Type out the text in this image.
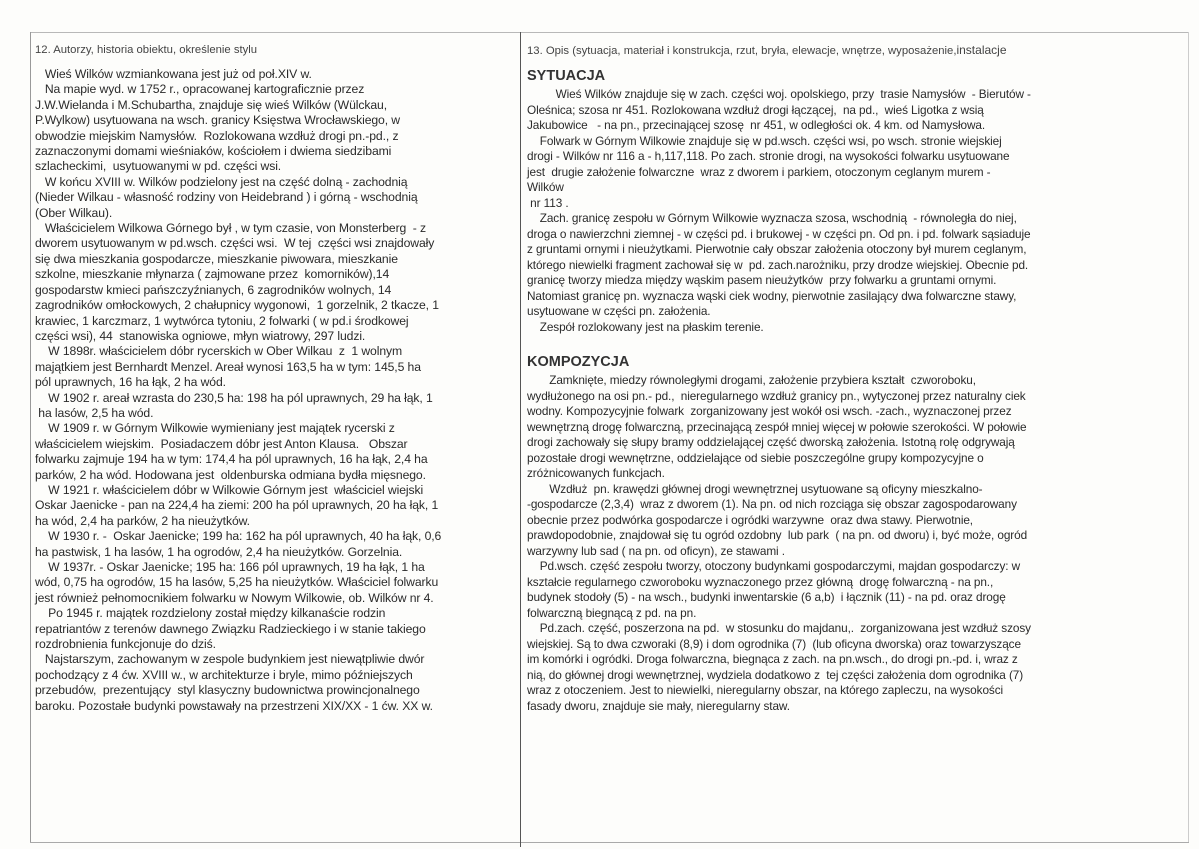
12. Autorzy, historia obiektu, określenie stylu
Wieś Wilków wzmiankowana jest już od poł.XIV w.
Na mapie wyd. w 1752 r., opracowanej kartograficznie przez
J.W.Wielanda i M.Schubartha, znajduje się wieś Wilków (Wülckau,
P.Wylkow) usytuowana na wsch. granicy Księstwa Wrocławskiego, w
obwodzie miejskim Namysłów.  Rozlokowana wzdłuż drogi pn.-pd., z
zaznaczonymi domami wieśniaków, kościołem i dwiema siedzibami
szlacheckimi,  usytuowanymi w pd. części wsi.
W końcu XVIII w. Wilków podzielony jest na część dolną - zachodnią
(Nieder Wilkau - własność rodziny von Heidebrand ) i górną - wschodnią
(Ober Wilkau).
Właścicielem Wilkowa Górnego był , w tym czasie, von Monsterberg  - z
dworem usytuowanym w pd.wsch. części wsi.  W tej  części wsi znajdowały
się dwa mieszkania gospodarcze, mieszkanie piwowara, mieszkanie
szkolne, mieszkanie młynarza ( zajmowane przez  komorników),14
gospodarstw kmieci pańszczyźnianych, 6 zagrodników wolnych, 14
zagrodników omłockowych, 2 chałupnicy wygonowi,  1 gorzelnik, 2 tkacze, 1
krawiec, 1 karczmarz, 1 wytwórca tytoniu, 2 folwarki ( w pd.i środkowej
części wsi), 44  stanowiska ogniowe, młyn wiatrowy, 297 ludzi.
W 1898r. właścicielem dóbr rycerskich w Ober Wilkau  z  1 wolnym
majątkiem jest Bernhardt Menzel. Areał wynosi 163,5 ha w tym: 145,5 ha
pól uprawnych, 16 ha łąk, 2 ha wód.
W 1902 r. areał wzrasta do 230,5 ha: 198 ha pól uprawnych, 29 ha łąk, 1
ha lasów, 2,5 ha wód.
W 1909 r. w Górnym Wilkowie wymieniany jest majątek rycerski z
właścicielem wiejskim.  Posiadaczem dóbr jest Anton Klausa.   Obszar
folwarku zajmuje 194 ha w tym: 174,4 ha pól uprawnych, 16 ha łąk, 2,4 ha
parków, 2 ha wód. Hodowana jest  oldenburska odmiana bydła mięsnego.
W 1921 r. właścicielem dóbr w Wilkowie Górnym jest  właściciel wiejski
Oskar Jaenicke - pan na 224,4 ha ziemi: 200 ha pól uprawnych, 20 ha łąk, 1
ha wód, 2,4 ha parków, 2 ha nieużytków.
W 1930 r. -  Oskar Jaenicke; 199 ha: 162 ha pól uprawnych, 40 ha łąk, 0,6
ha pastwisk, 1 ha lasów, 1 ha ogrodów, 2,4 ha nieużytków. Gorzelnia.
W 1937r. - Oskar Jaenicke; 195 ha: 166 pól uprawnych, 19 ha łąk, 1 ha
wód, 0,75 ha ogrodów, 15 ha lasów, 5,25 ha nieużytków. Właściciel folwarku
jest również pełnomocnikiem folwarku w Nowym Wilkowie, ob. Wilków nr 4.
Po 1945 r. majątek rozdzielony został między kilkanaście rodzin
repatriantów z terenów dawnego Związku Radzieckiego i w stanie takiego
rozdrobnienia funkcjonuje do dziś.
Najstarszym, zachowanym w zespole budynkiem jest niewątpliwie dwór
pochodzący z 4 ćw. XVIII w., w architekturze i bryle, mimo późniejszych
przebudów,  prezentujący  styl klasyczny budownictwa prowincjonalnego
baroku. Pozostałe budynki powstawały na przestrzeni XIX/XX - 1 ćw. XX w.
13. Opis (sytuacja, materiał i konstrukcja, rzut, bryła, elewacje, wnętrze, wyposażenie,instalacje
SYTUACJA
Wieś Wilków znajduje się w zach. części woj. opolskiego, przy  trasie Namysłów  - Bierutów -
Oleśnica; szosa nr 451. Rozlokowana wzdłuż drogi łączącej,  na pd.,  wieś Ligotka z wsią
Jakubowice   - na pn., przecinającej szosę  nr 451, w odległości ok. 4 km. od Namysłowa.
Folwark w Górnym Wilkowie znajduje się w pd.wsch. części wsi, po wsch. stronie wiejskiej
drogi - Wilków nr 116 a - h,117,118. Po zach. stronie drogi, na wysokości folwarku usytuowane
jest  drugie założenie folwarczne  wraz z dworem i parkiem, otoczonym ceglanym murem -
Wilków
nr 113 .
Zach. granicę zespołu w Górnym Wilkowie wyznacza szosa, wschodnią  - równoległa do niej,
droga o nawierzchni ziemnej - w części pd. i brukowej - w części pn. Od pn. i pd. folwark sąsiaduje
z gruntami ornymi i nieużytkami. Pierwotnie cały obszar założenia otoczony był murem ceglanym,
którego niewielki fragment zachował się w  pd. zach.narożniku, przy drodze wiejskiej. Obecnie pd.
granicę tworzy miedza między wąskim pasem nieużytków  przy folwarku a gruntami ornymi.
Natomiast granicę pn. wyznacza wąski ciek wodny, pierwotnie zasilający dwa folwarczne stawy,
usytuowane w części pn. założenia.
Zespół rozlokowany jest na płaskim terenie.
KOMPOZYCJA
Zamknięte, miedzy równoległymi drogami, założenie przybiera kształt  czworoboku,
wydłużonego na osi pn.- pd.,  nieregularnego wzdłuż granicy pn., wytyczonej przez naturalny ciek
wodny. Kompozycyjnie folwark  zorganizowany jest wokół osi wsch. -zach., wyznaczonej przez
wewnętrzną drogę folwarczną, przecinającą zespół mniej więcej w połowie szerokości. W połowie
drogi zachowały się słupy bramy oddzielającej część dworską założenia. Istotną rolę odgrywają
pozostałe drogi wewnętrzne, oddzielające od siebie poszczególne grupy kompozycyjne o
zróżnicowanych funkcjach.
Wzdłuż  pn. krawędzi głównej drogi wewnętrznej usytuowane są oficyny mieszkalno-
-gospodarcze (2,3,4)  wraz z dworem (1). Na pn. od nich rozciąga się obszar zagospodarowany
obecnie przez podwórka gospodarcze i ogródki warzywne  oraz dwa stawy. Pierwotnie,
prawdopodobnie, znajdował się tu ogród ozdobny  lub park  ( na pn. od dworu) i, być może, ogród
warzywny lub sad ( na pn. od oficyn), ze stawami .
Pd.wsch. część zespołu tworzy, otoczony budynkami gospodarczymi, majdan gospodarczy: w
kształcie regularnego czworoboku wyznaczonego przez główną  drogę folwarczną - na pn.,
budynek stodoły (5) - na wsch., budynki inwentarskie (6 a,b)  i łącznik (11) - na pd. oraz drogę
folwarczną biegnącą z pd. na pn.
Pd.zach. część, poszerzona na pd.  w stosunku do majdanu,.  zorganizowana jest wzdłuż szosy
wiejskiej. Są to dwa czworaki (8,9) i dom ogrodnika (7)  (lub oficyna dworska) oraz towarzyszące
im komórki i ogródki. Droga folwarczna, biegnąca z zach. na pn.wsch., do drogi pn.-pd. i, wraz z
nią, do głównej drogi wewnętrznej, wydziela dodatkowo z  tej części założenia dom ogrodnika (7)
wraz z otoczeniem. Jest to niewielki, nieregularny obszar, na którego zapleczu, na wysokości
fasady dworu, znajduje sie mały, nieregularny staw.
